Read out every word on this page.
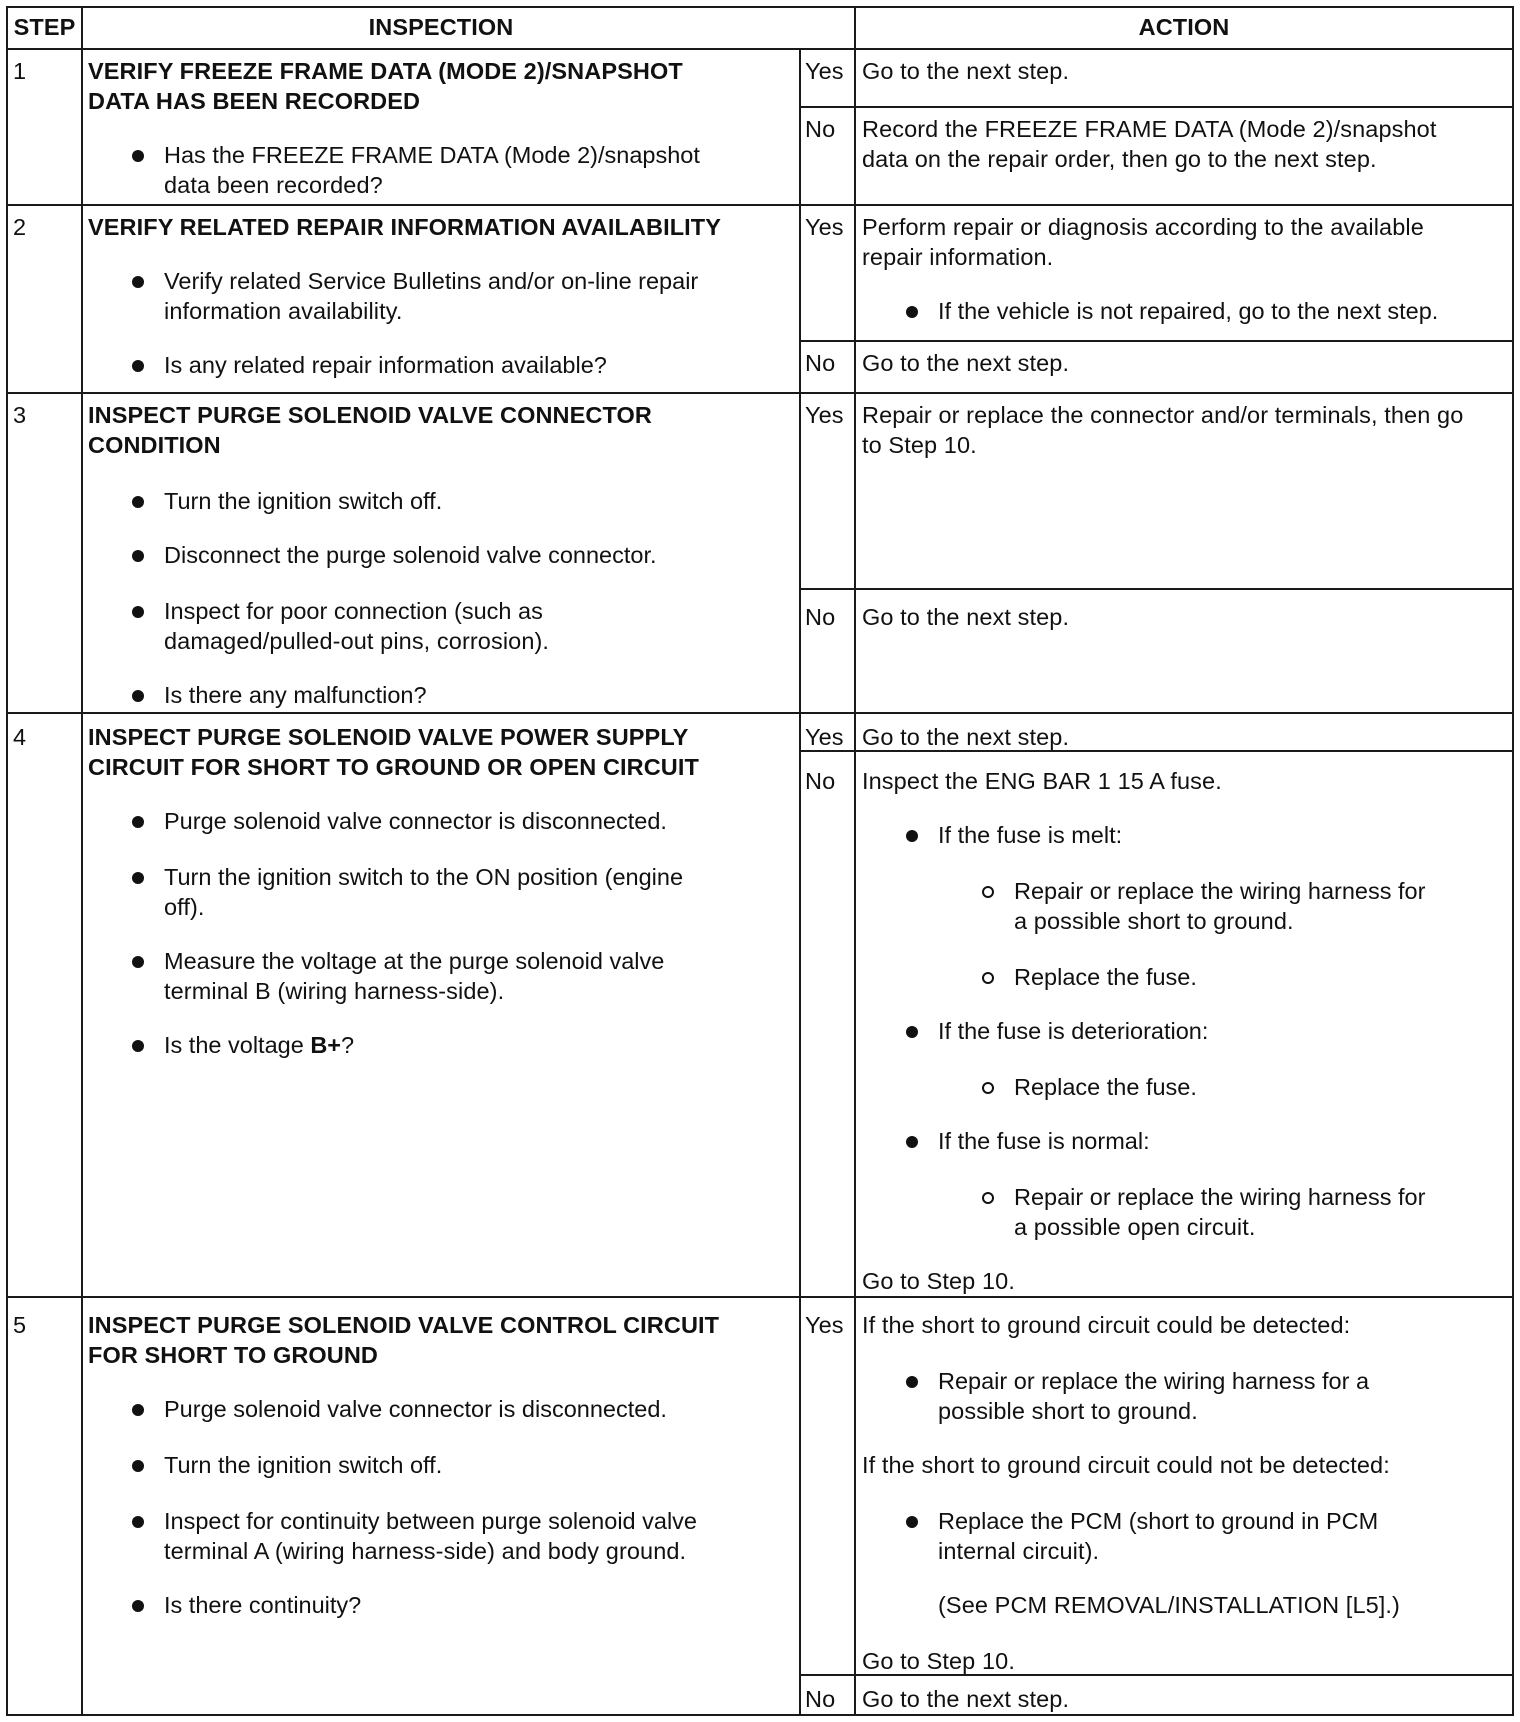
STEP	INSPECTION	ACTION
1	VERIFY FREEZE FRAME DATA (MODE 2)/SNAPSHOT
DATA HAS BEEN RECORDED
Has the FREEZE FRAME DATA (Mode 2)/snapshot
data been recorded?
Yes Go to the next step.
No Record the FREEZE FRAME DATA (Mode 2)/snapshot
data on the repair order, then go to the next step.
2	VERIFY RELATED REPAIR INFORMATION AVAILABILITY
Verify related Service Bulletins and/or on-line repair
information availability.
Is any related repair information available?
Yes Perform repair or diagnosis according to the available
repair information.
If the vehicle is not repaired, go to the next step.
No Go to the next step.
3	INSPECT PURGE SOLENOID VALVE CONNECTOR
CONDITION
Turn the ignition switch off.
Disconnect the purge solenoid valve connector.
Inspect for poor connection (such as
damaged/pulled-out pins, corrosion).
Is there any malfunction?
Yes Repair or replace the connector and/or terminals, then go
to Step 10.
No Go to the next step.
4	INSPECT PURGE SOLENOID VALVE POWER SUPPLY
CIRCUIT FOR SHORT TO GROUND OR OPEN CIRCUIT
Purge solenoid valve connector is disconnected.
Turn the ignition switch to the ON position (engine
off).
Measure the voltage at the purge solenoid valve
terminal B (wiring harness-side).
Is the voltage B+?
Yes Go to the next step.
No Inspect the ENG BAR 1 15 A fuse.
If the fuse is melt:
Repair or replace the wiring harness for
a possible short to ground.
Replace the fuse.
If the fuse is deterioration:
Replace the fuse.
If the fuse is normal:
Repair or replace the wiring harness for
a possible open circuit.
Go to Step 10.
5	INSPECT PURGE SOLENOID VALVE CONTROL CIRCUIT
FOR SHORT TO GROUND
Purge solenoid valve connector is disconnected.
Turn the ignition switch off.
Inspect for continuity between purge solenoid valve
terminal A (wiring harness-side) and body ground.
Is there continuity?
Yes If the short to ground circuit could be detected:
Repair or replace the wiring harness for a
possible short to ground.
If the short to ground circuit could not be detected:
Replace the PCM (short to ground in PCM
internal circuit).
(See PCM REMOVAL/INSTALLATION [L5].)
Go to Step 10.
No Go to the next step.
